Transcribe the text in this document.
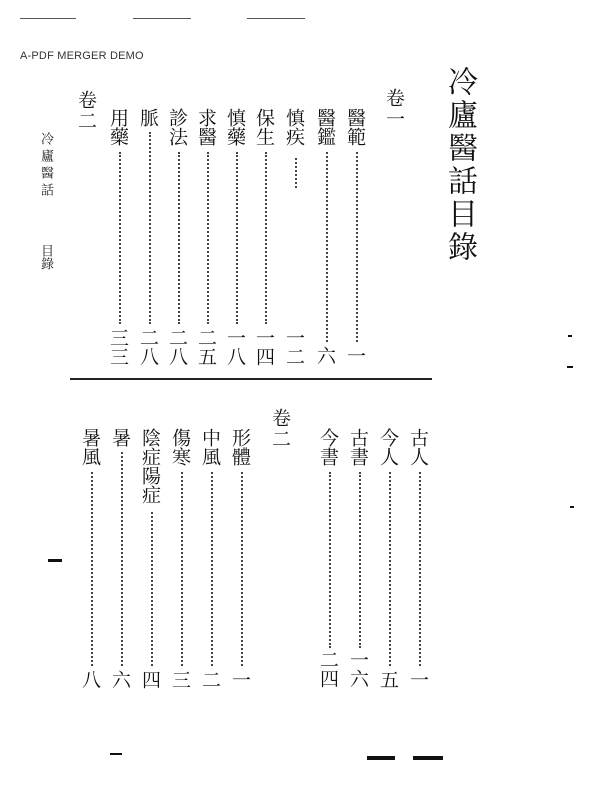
A-PDF MERGER DEMO
冷廬醫話目錄
冷廬醫話
目錄
卷一
醫範
一
醫鑑
六
慎疾
一二
保生
一四
慎藥
一八
求醫
二五
診法
二八
脈
二八
用藥
三三
卷二
古人
一
今人
五
古書
一六
今書
二四
卷二
形體
一
中風
二
傷寒
三
陰症陽症
四
暑
六
暑風
八
